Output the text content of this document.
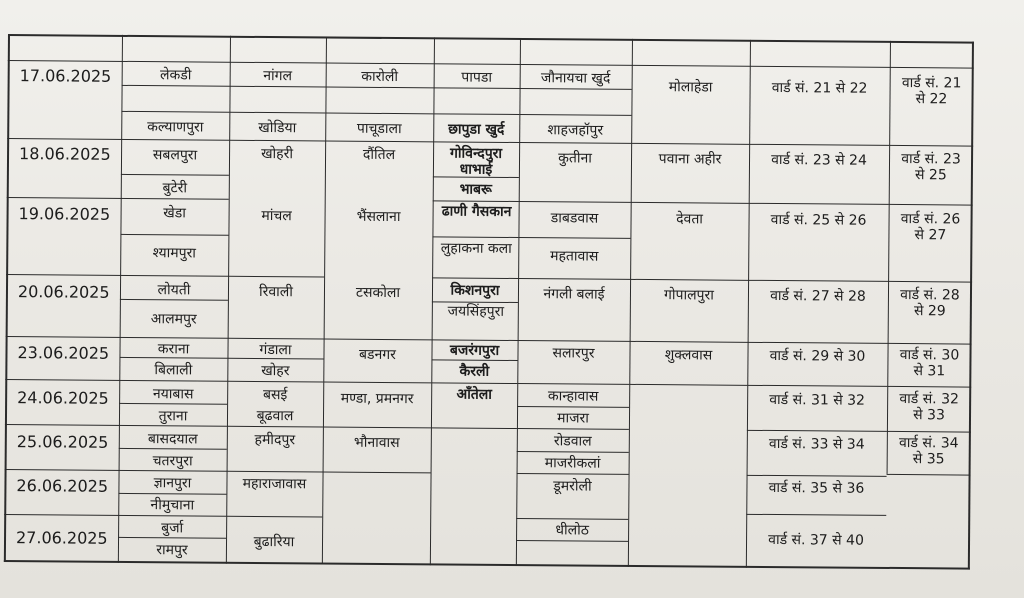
17.06.2025
18.06.2025
19.06.2025
20.06.2025
23.06.2025
24.06.2025
25.06.2025
26.06.2025
27.06.2025
लेकडी
कल्याणपुरा
सबलपुरा
बुटेरी
खेडा
श्यामपुरा
लोयती
आलमपुर
कराना
बिलाली
नयाबास
तुराना
बासदयाल
चतरपुरा
ज्ञानपुरा
नीमुचाना
बुर्जा
रामपुर
नांगल
खोडिया
खोहरी
मांचल
रिवाली
गंडाला
खोहर
बसई
बूढवाल
हमीदपुर
महाराजावास
बुढारिया
कारोली
पाचूडाला
दौंतिल
भैंसलाना
टसकोला
बडनगर
मण्डा, प्रमनगर
भौनावास
पापडा
छापुडा खुर्द
गोविन्दपुरा धाभाई
भाबरू
ढाणी गैसकान
लुहाकना कला
किशनपुरा
जयसिंहपुरा
बजरंगपुरा
कैरली
आँतेला
जौनायचा खुर्द
शाहजहॉपुर
कुतीना
डाबडवास
महतावास
नंगली बलाई
सलारपुर
कान्हावास
माजरा
रोडवाल
माजरीकलां
डूमरोली
धीलोठ
मोलाहेडा
पवाना अहीर
देवता
गोपालपुरा
शुक्लवास
वार्ड सं. 21 से 22
वार्ड सं. 23 से 24
वार्ड सं. 25 से 26
वार्ड सं. 27 से 28
वार्ड सं. 29 से 30
वार्ड सं. 31 से 32
वार्ड सं. 33 से 34
वार्ड सं. 35 से 36
वार्ड सं. 37 से 40
वार्ड सं. 21 से 22
वार्ड सं. 23 से 25
वार्ड सं. 26 से 27
वार्ड सं. 28 से 29
वार्ड सं. 30 से 31
वार्ड सं. 32 से 33
वार्ड सं. 34 से 35
